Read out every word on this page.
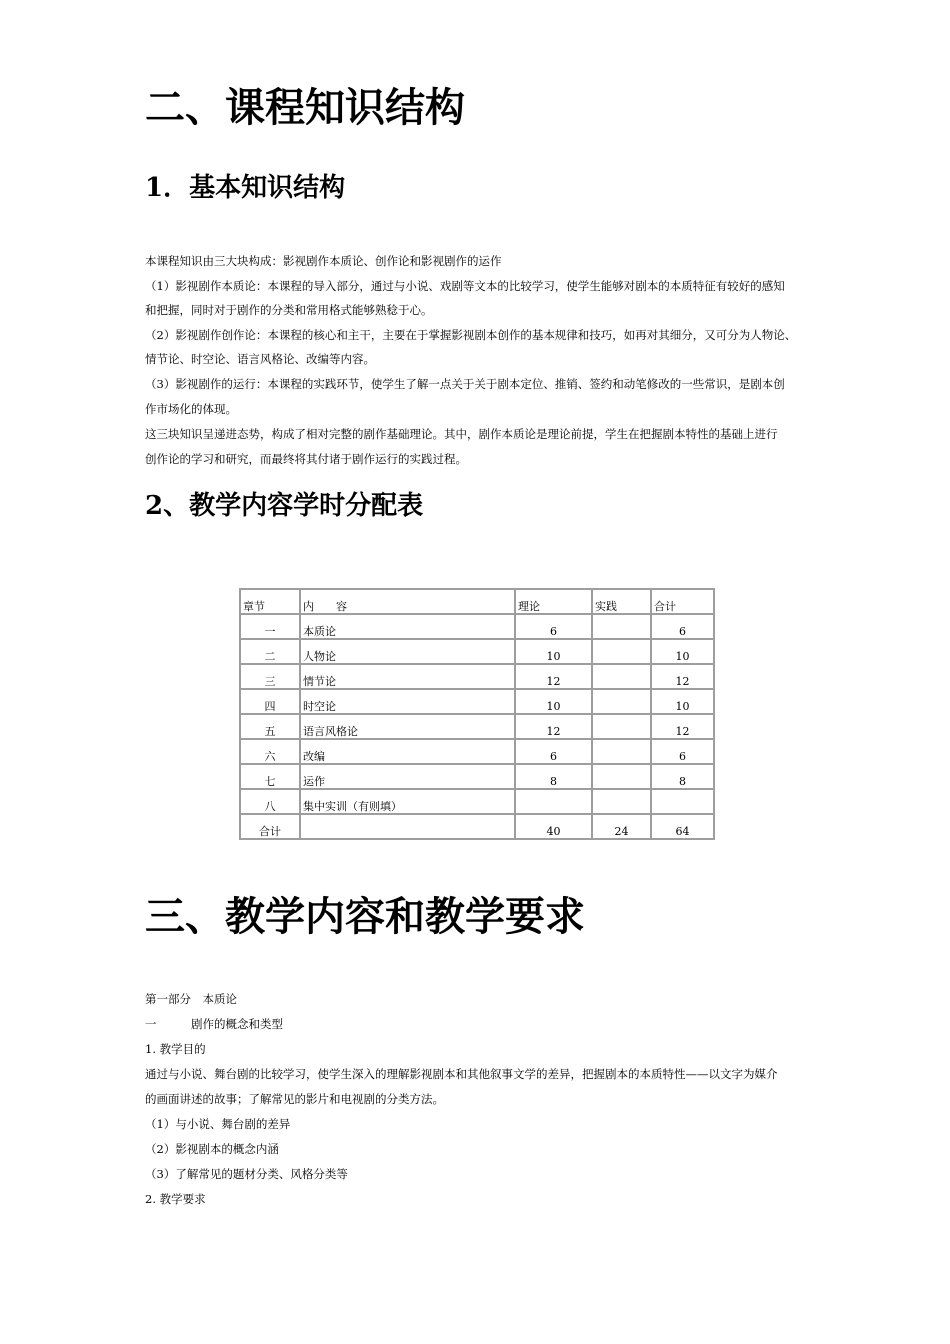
二、课程知识结构
1．基本知识结构
本课程知识由三大块构成：影视剧作本质论、创作论和影视剧作的运作
（1）影视剧作本质论：本课程的导入部分，通过与小说、戏剧等文本的比较学习，使学生能够对剧本的本质特征有较好的感知
和把握，同时对于剧作的分类和常用格式能够熟稔于心。
（2）影视剧作创作论：本课程的核心和主干，主要在于掌握影视剧本创作的基本规律和技巧，如再对其细分，又可分为人物论、
情节论、时空论、语言风格论、改编等内容。
（3）影视剧作的运行：本课程的实践环节，使学生了解一点关于关于剧本定位、推销、签约和动笔修改的一些常识，是剧本创
作市场化的体现。
这三块知识呈递进态势，构成了相对完整的剧作基础理论。其中，剧作本质论是理论前提，学生在把握剧本特性的基础上进行
创作论的学习和研究，而最终将其付诸于剧作运行的实践过程。
2、教学内容学时分配表
章节	内　　容	理论	实践	合计
一	本质论	6		6
二	人物论	10		10
三	情节论	12		12
四	时空论	10		10
五	语言风格论	12		12
六	改编	6		6
七	运作	8		8
八	集中实训（有则填）			
合计		40	24	64
三、教学内容和教学要求
第一部分　本质论
一　　　剧作的概念和类型
1. 教学目的
通过与小说、舞台剧的比较学习，使学生深入的理解影视剧本和其他叙事文学的差异，把握剧本的本质特性——以文字为媒介
的画面讲述的故事；了解常见的影片和电视剧的分类方法。
（1）与小说、舞台剧的差异
（2）影视剧本的概念内涵
（3）了解常见的题材分类、风格分类等
2. 教学要求
